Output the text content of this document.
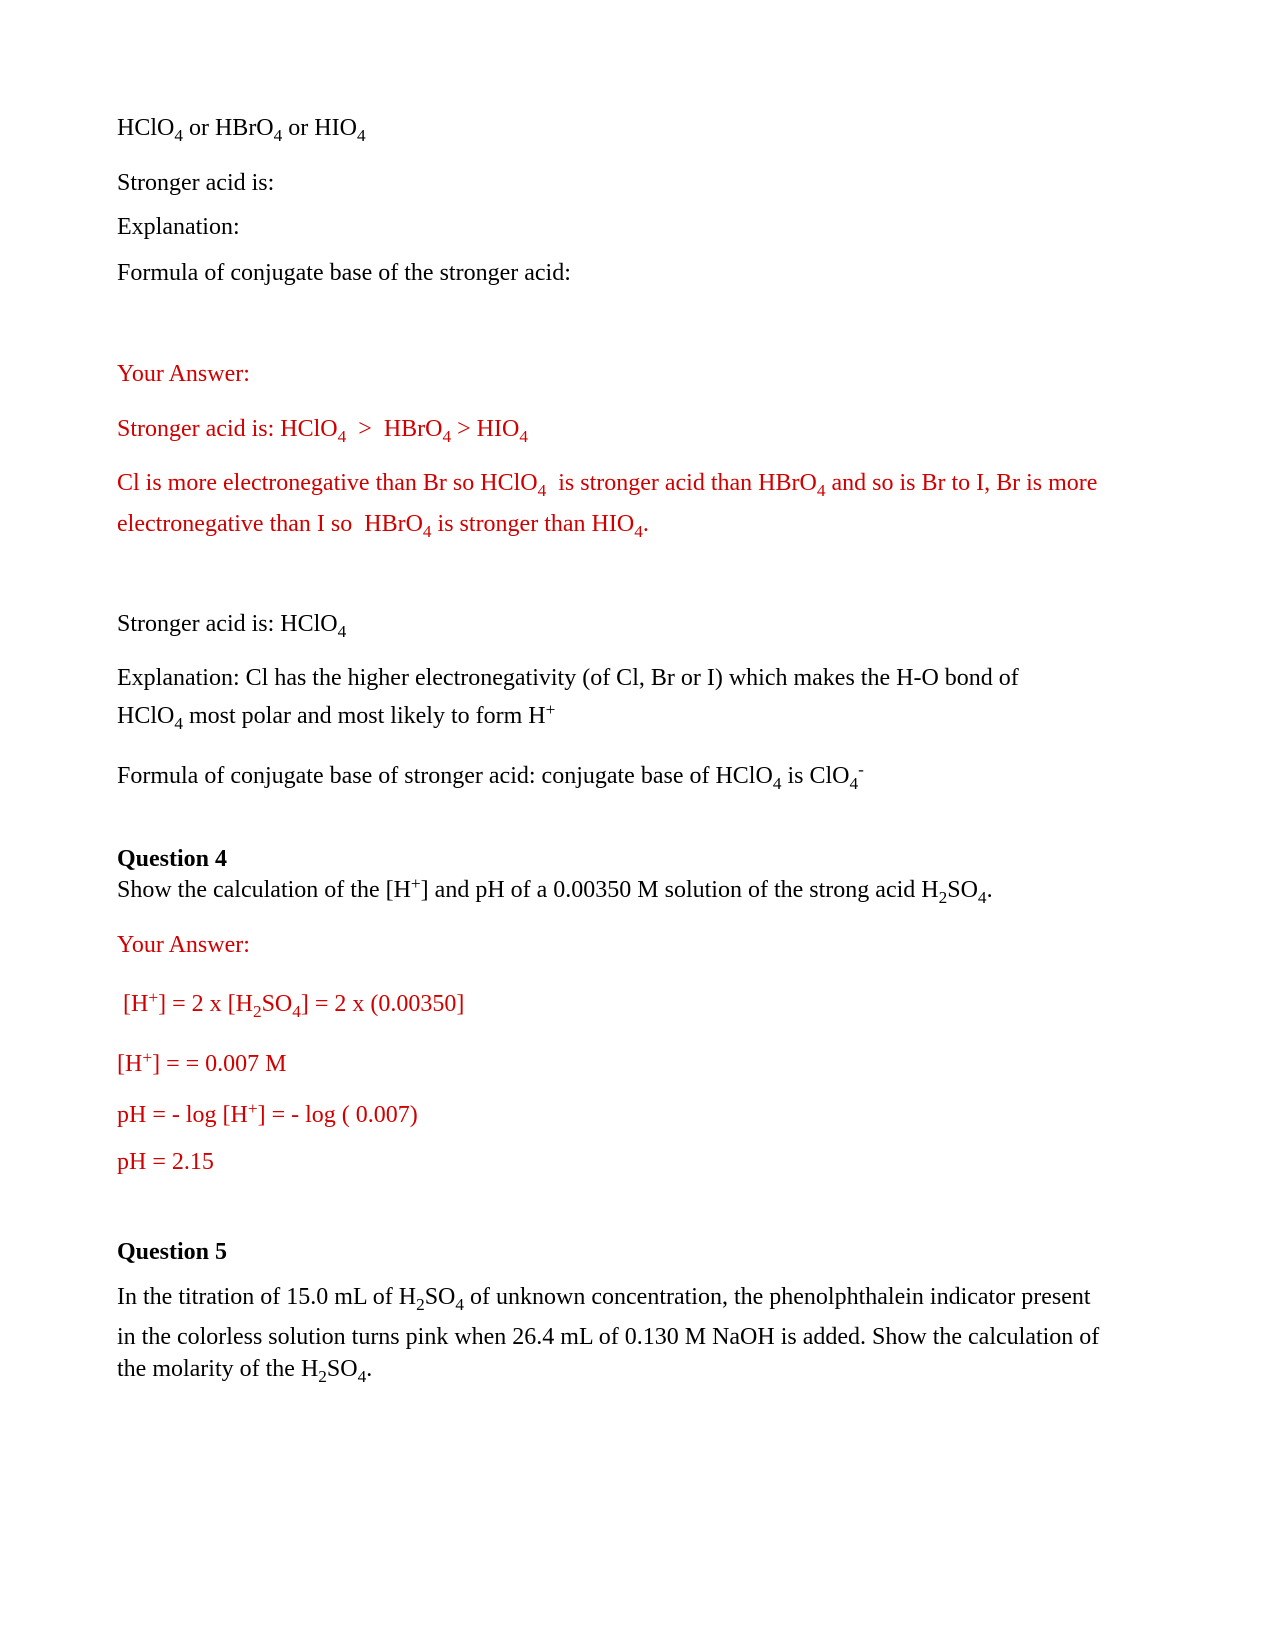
HClO$_4$ or HBrO$_4$ or $HIO_4$
Stronger acid is:
Explanation:
Formula of conjugate base of the stronger acid:
Your Answer:
Stronger acid is: HClO$_4$  >  HBrO$_4$ > $HIO_4$
Cl is more electronegative than Br so HClO$_4$  is stronger acid than HBrO$_4$ and so is Br to I, Br is more
electronegative than I so  HBrO$_4$ is stronger than $HIO_4$.
Stronger acid is: HClO$_4$
Explanation: Cl has the higher electronegativity (of Cl, Br or I) which makes the H-O bond of
HClO$_4$ most polar and most likely to form H+
Formula of conjugate base of stronger acid: conjugate base of HClO$_4$ is ClO$_4$-
Question 4
Show the calculation of the [H+] and pH of a 0.00350 M solution of the strong acid $H_2SO_4$.
Your Answer:
[H+] = 2 x $[H_2SO_4] = 2$ x (0.00350]
[H+] = = 0.007 M
pH = - log [H+] = - log ( 0.007)
pH = 2.15
Question 5
In the titration of 15.0 mL of $H_2SO_4$ of unknown concentration, the phenolphthalein indicator present
in the colorless solution turns pink when 26.4 mL of 0.130 M NaOH is added. Show the calculation of
the molarity of the $H_2SO_4$.
